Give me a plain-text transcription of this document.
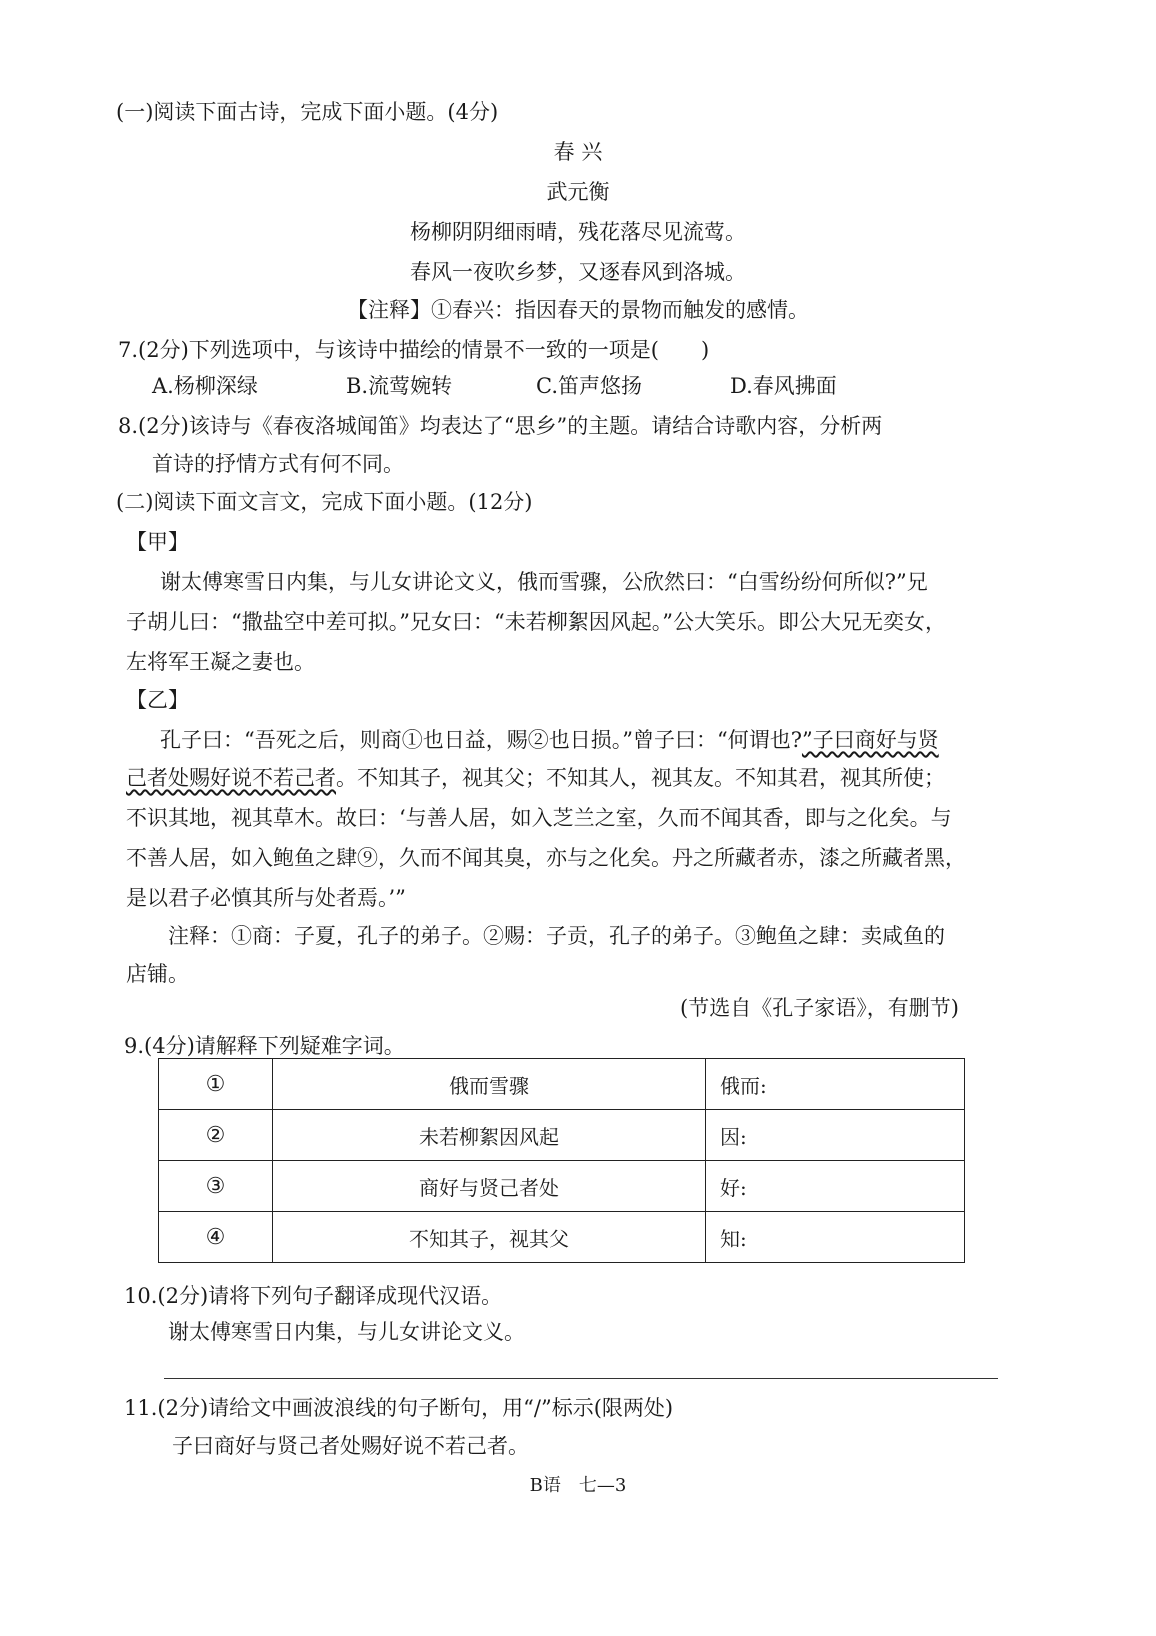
(一)阅读下面古诗，完成下面小题。(4分)
春 兴
武元衡
杨柳阴阴细雨晴，残花落尽见流莺。
春风一夜吹乡梦，又逐春风到洛城。
【注释】①春兴：指因春天的景物而触发的感情。
7.(2分)下列选项中，与该诗中描绘的情景不一致的一项是(　　)
A.杨柳深绿	B.流莺婉转	C.笛声悠扬	D.春风拂面
8.(2分)该诗与《春夜洛城闻笛》均表达了“思乡”的主题。请结合诗歌内容，分析两
首诗的抒情方式有何不同。
(二)阅读下面文言文，完成下面小题。(12分)
【甲】
谢太傅寒雪日内集，与儿女讲论文义，俄而雪骤，公欣然曰：“白雪纷纷何所似?”兄
子胡儿曰：“撒盐空中差可拟。”兄女曰：“未若柳絮因风起。”公大笑乐。即公大兄无奕女，
左将军王凝之妻也。
【乙】
孔子曰：“吾死之后，则商①也日益，赐②也日损。”曾子曰：“何谓也?”子曰商好与贤
己者处赐好说不若己者。不知其子，视其父；不知其人，视其友。不知其君，视其所使；
不识其地，视其草木。故曰：‘与善人居，如入芝兰之室，久而不闻其香，即与之化矣。与
不善人居，如入鲍鱼之肆⑨，久而不闻其臭，亦与之化矣。丹之所藏者赤，漆之所藏者黑，
是以君子必慎其所与处者焉。’”
注释：①商：子夏，孔子的弟子。②赐：子贡，孔子的弟子。③鲍鱼之肆：卖咸鱼的
店铺。
(节选自《孔子家语》，有删节)
9.(4分)请解释下列疑难字词。
①	俄而雪骤	俄而:
②	未若柳絮因风起	因:
③	商好与贤己者处	好:
④	不知其子，视其父	知:
10.(2分)请将下列句子翻译成现代汉语。
谢太傅寒雪日内集，与儿女讲论文义。
11.(2分)请给文中画波浪线的句子断句，用“/”标示(限两处)
子曰商好与贤己者处赐好说不若己者。
B语　七—3
